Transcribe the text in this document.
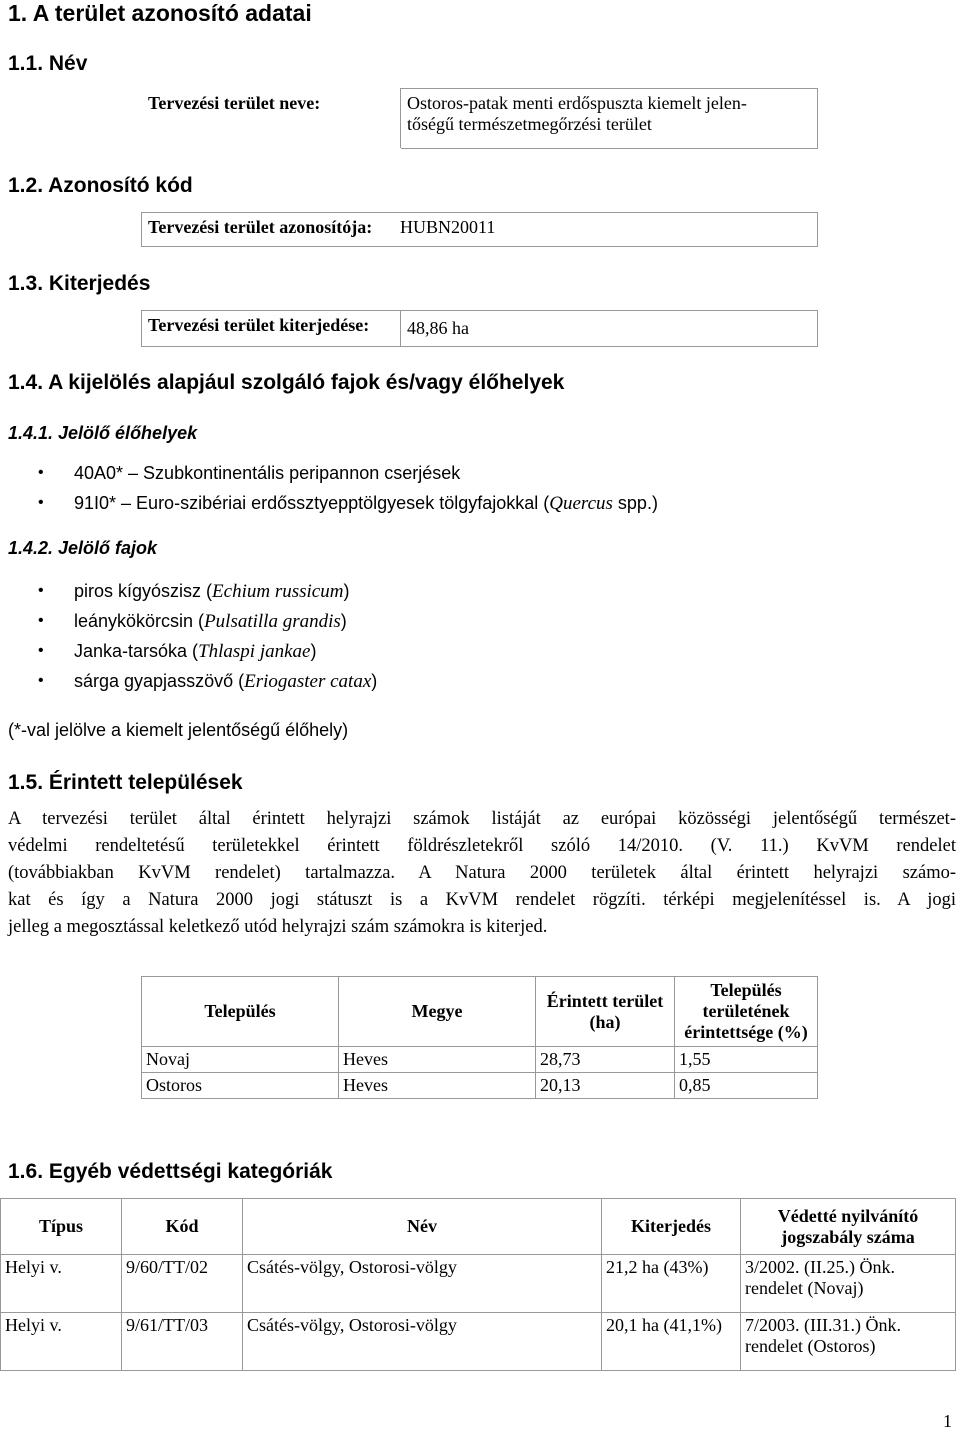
1. A terület azonosító adatai
1.1. Név
Tervezési terület neve:	Ostoros-patak menti erdőspuszta kiemelt jelen-
tőségű természetmegőrzési terület
1.2. Azonosító kód
Tervezési terület azonosítója:	HUBN20011
1.3. Kiterjedés
Tervezési terület kiterjedése:	48,86 ha
1.4. A kijelölés alapjául szolgáló fajok és/vagy élőhelyek
1.4.1. Jelölő élőhelyek
• 40A0* – Szubkontinentális peripannon cserjések
• 91I0* – Euro-szibériai erdőssztyepptölgyesek tölgyfajokkal (Quercus spp.)
1.4.2. Jelölő fajok
• piros kígyószisz (Echium russicum)
• leánykökörcsin (Pulsatilla grandis)
• Janka-tarsóka (Thlaspi jankae)
• sárga gyapjasszövő (Eriogaster catax)
(*-val jelölve a kiemelt jelentőségű élőhely)
1.5. Érintett települések
A tervezési terület által érintett helyrajzi számok listáját az európai közösségi jelentőségű természet-
védelmi rendeltetésű területekkel érintett földrészletekről szóló 14/2010. (V. 11.) KvVM rendelet
(továbbiakban KvVM rendelet) tartalmazza. A Natura 2000 területek által érintett helyrajzi számo-
kat és így a Natura 2000 jogi státuszt is a KvVM rendelet rögzíti. térképi megjelenítéssel is. A jogi
jelleg a megosztással keletkező utód helyrajzi szám számokra is kiterjed.
Település	Megye	Érintett terület (ha)	Település területének érintettsége (%)
Novaj	Heves	28,73	1,55
Ostoros	Heves	20,13	0,85
1.6. Egyéb védettségi kategóriák
Típus	Kód	Név	Kiterjedés	Védetté nyilvánító jogszabály száma
Helyi v.	9/60/TT/02	Csátés-völgy, Ostorosi-völgy	21,2 ha (43%)	3/2002. (II.25.) Önk. rendelet (Novaj)
Helyi v.	9/61/TT/03	Csátés-völgy, Ostorosi-völgy	20,1 ha (41,1%)	7/2003. (III.31.) Önk. rendelet (Ostoros)
1
